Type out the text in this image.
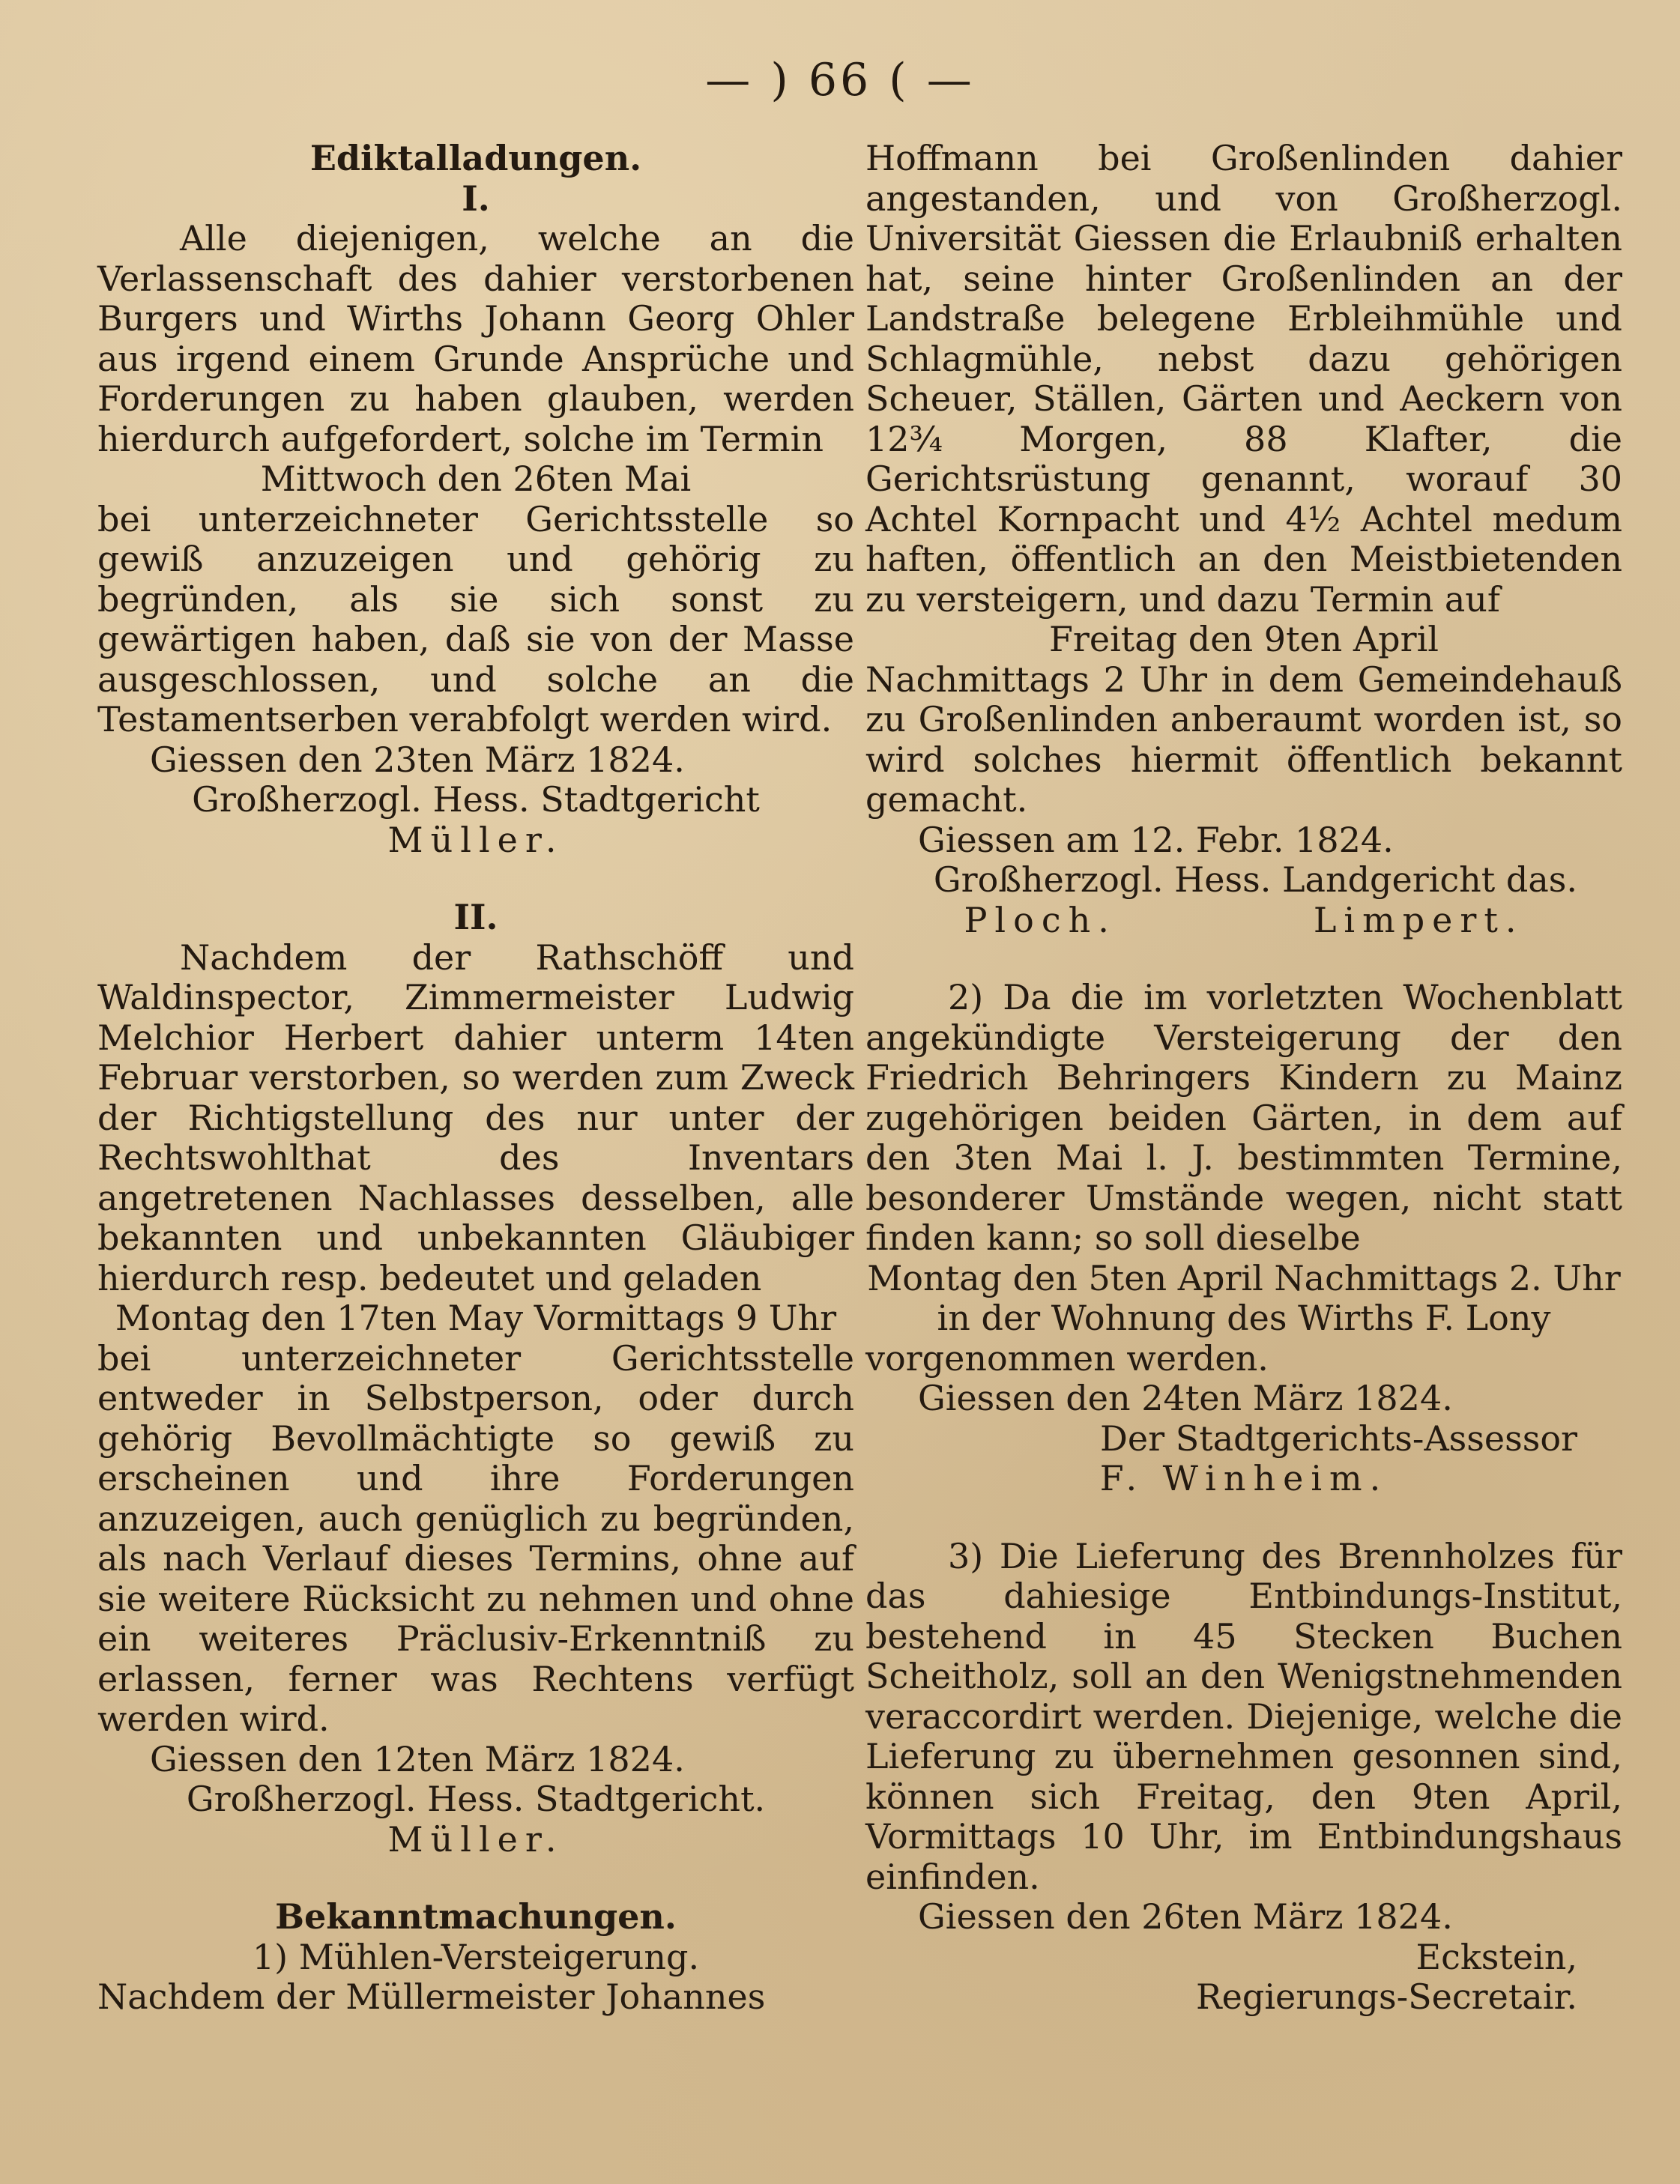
— ) 66 ( —

Ediktalladungen.

I.

Alle diejenigen, welche an die Verlassenschaft des dahier verstorbenen Burgers und Wirths Johann Georg Ohler aus irgend einem Grunde Ansprüche und Forderungen zu haben glauben, werden hierdurch aufgefordert, solche im Termin

Mittwoch den 26ten Mai

bei unterzeichneter Gerichtsstelle so gewiß anzuzeigen und gehörig zu begründen, als sie sich sonst zu gewärtigen haben, daß sie von der Masse ausgeschlossen, und solche an die Testamentserben verabfolgt werden wird.

Giessen den 23ten März 1824.

Großherzogl. Hess. Stadtgericht

Müller.

II.

Nachdem der Rathschöff und Waldinspector, Zimmermeister Ludwig Melchior Herbert dahier unterm 14ten Februar verstorben, so werden zum Zweck der Richtigstellung des nur unter der Rechtswohlthat des Inventars angetretenen Nachlasses desselben, alle bekannten und unbekannten Gläubiger hierdurch resp. bedeutet und geladen

Montag den 17ten May Vormittags 9 Uhr

bei unterzeichneter Gerichtsstelle entweder in Selbstperson, oder durch gehörig Bevollmächtigte so gewiß zu erscheinen und ihre Forderungen anzuzeigen, auch genüglich zu begründen, als nach Verlauf dieses Termins, ohne auf sie weitere Rücksicht zu nehmen und ohne ein weiteres Präclusiv-Erkenntniß zu erlassen, ferner was Rechtens verfügt werden wird.

Giessen den 12ten März 1824.

Großherzogl. Hess. Stadtgericht.

Müller.

Bekanntmachungen.

1) Mühlen-Versteigerung.

Nachdem der Müllermeister Johannes

Hoffmann bei Großenlinden dahier angestanden, und von Großherzogl. Universität Giessen die Erlaubniß erhalten hat, seine hinter Großenlinden an der Landstraße belegene Erbleihmühle und Schlagmühle, nebst dazu gehörigen Scheuer, Ställen, Gärten und Aeckern von 12¾ Morgen, 88 Klafter, die Gerichtsrüstung genannt, worauf 30 Achtel Kornpacht und 4½ Achtel medum haften, öffentlich an den Meistbietenden zu versteigern, und dazu Termin auf

Freitag den 9ten April

Nachmittags 2 Uhr in dem Gemeindehauß zu Großenlinden anberaumt worden ist, so wird solches hiermit öffentlich bekannt gemacht.

Giessen am 12. Febr. 1824.

Großherzogl. Hess. Landgericht das.

Ploch.	Limpert.

2) Da die im vorletzten Wochenblatt angekündigte Versteigerung der den Friedrich Behringers Kindern zu Mainz zugehörigen beiden Gärten, in dem auf den 3ten Mai l. J. bestimmten Termine, besonderer Umstände wegen, nicht statt finden kann; so soll dieselbe

Montag den 5ten April Nachmittags 2. Uhr in der Wohnung des Wirths F. Lony

vorgenommen werden.

Giessen den 24ten März 1824.

Der Stadtgerichts-Assessor

F. Winheim.

3) Die Lieferung des Brennholzes für das dahiesige Entbindungs-Institut, bestehend in 45 Stecken Buchen Scheitholz, soll an den Wenigstnehmenden veraccordirt werden. Diejenige, welche die Lieferung zu übernehmen gesonnen sind, können sich Freitag, den 9ten April, Vormittags 10 Uhr, im Entbindungshaus einfinden.

Giessen den 26ten März 1824.

Eckstein,

Regierungs-Secretair.
